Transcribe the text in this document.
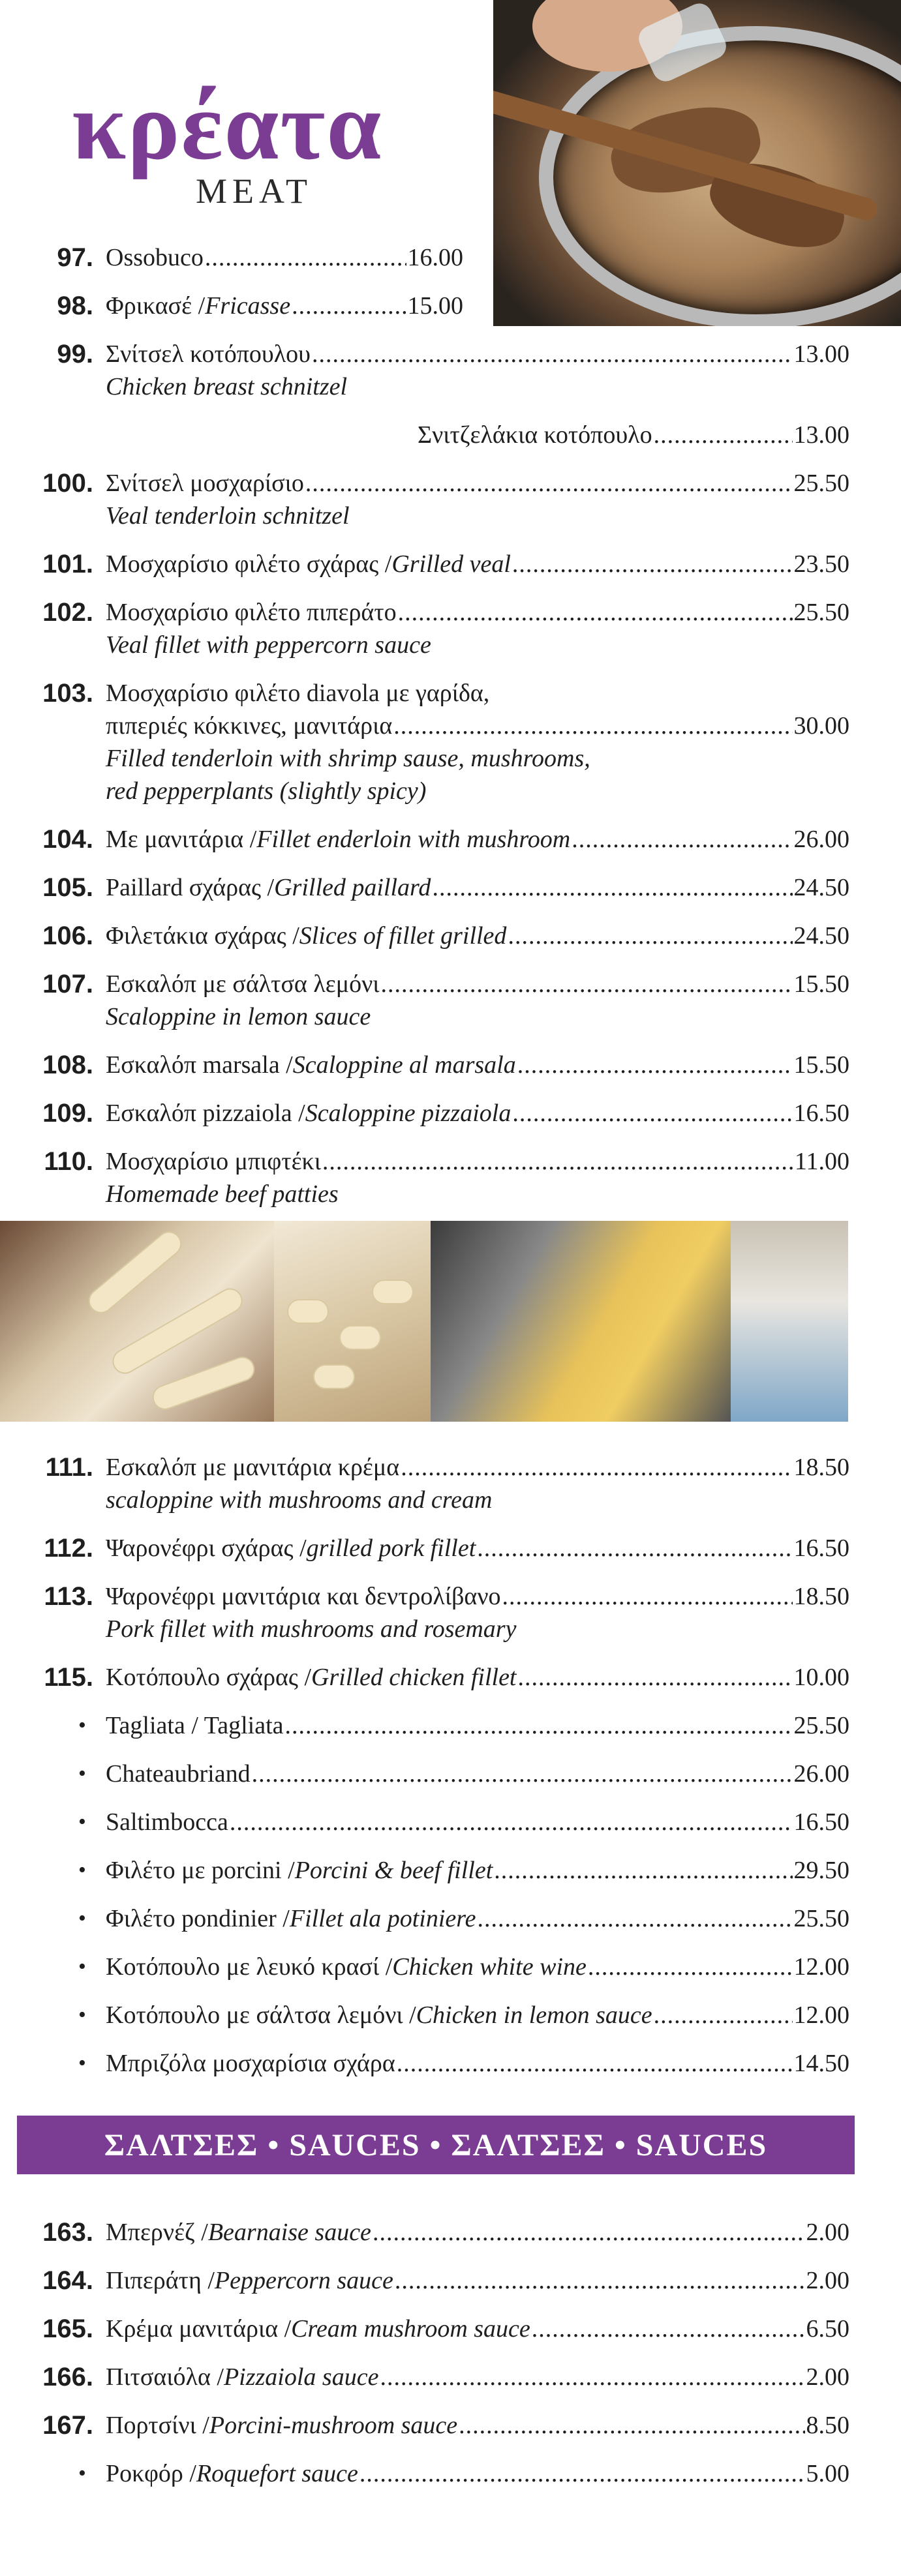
κρέατα
MEAT
97. Ossobuco .....	16.00
98. Φρικασέ / Fricasse .....	15.00
99. Σνίτσελ κοτόπουλου .....	13.00
Chicken breast schnitzel
Σνιτζελάκια κοτόπουλο .....	13.00
100. Σνίτσελ μοσχαρίσιο .....	25.50
Veal tenderloin schnitzel
101. Μοσχαρίσιο φιλέτο σχάρας / Grilled veal .....	23.50
102. Μοσχαρίσιο φιλέτο πιπεράτο .....	25.50
Veal fillet with peppercorn sauce
103. Μοσχαρίσιο φιλέτο diavola με γαρίδα,
πιπεριές κόκκινες, μανιτάρια .....	30.00
Filled tenderloin with shrimp sause, mushrooms,
red pepperplants (slightly spicy)
104. Με μανιτάρια / Fillet enderloin with mushroom .....	26.00
105. Paillard σχάρας / Grilled paillard .....	24.50
106. Φιλετάκια σχάρας / Slices of fillet grilled .....	24.50
107. Εσκαλόπ με σάλτσα λεμόνι .....	15.50
Scaloppine in lemon sauce
108. Εσκαλόπ marsala / Scaloppine al marsala .....	15.50
109. Εσκαλόπ pizzaiola / Scaloppine pizzaiola .....	16.50
110. Μοσχαρίσιο μπιφτέκι .....	11.00
Homemade beef patties
111. Εσκαλόπ με μανιτάρια κρέμα .....	18.50
scaloppine with mushrooms and cream
112. Ψαρονέφρι σχάρας / grilled pork fillet .....	16.50
113. Ψαρονέφρι μανιτάρια και δεντρολίβανο .....	18.50
Pork fillet with mushrooms and rosemary
115. Κοτόπουλο σχάρας / Grilled chicken fillet .....	10.00
• Tagliata / Tagliata .....	25.50
• Chateaubriand .....	26.00
• Saltimbocca .....	16.50
• Φιλέτο με porcini / Porcini & beef fillet .....	29.50
• Φιλέτο pondinier / Fillet ala potiniere .....	25.50
• Κοτόπουλο με λευκό κρασί / Chicken white wine .....	12.00
• Κοτόπουλο με σάλτσα λεμόνι / Chicken in lemon sauce .....	12.00
• Μπριζόλα μοσχαρίσια σχάρα .....	14.50
ΣΑΛΤΣΕΣ • SAUCES • ΣΑΛΤΣΕΣ • SAUCES
163. Μπερνέζ / Bearnaise sauce .....	2.00
164. Πιπεράτη / Peppercorn sauce .....	2.00
165. Κρέμα μανιτάρια / Cream mushroom sauce .....	6.50
166. Πιτσαιόλα / Pizzaiola sauce .....	2.00
167. Πορτσίνι / Porcini-mushroom sauce .....	8.50
• Ροκφόρ / Roquefort sauce .....	5.00
